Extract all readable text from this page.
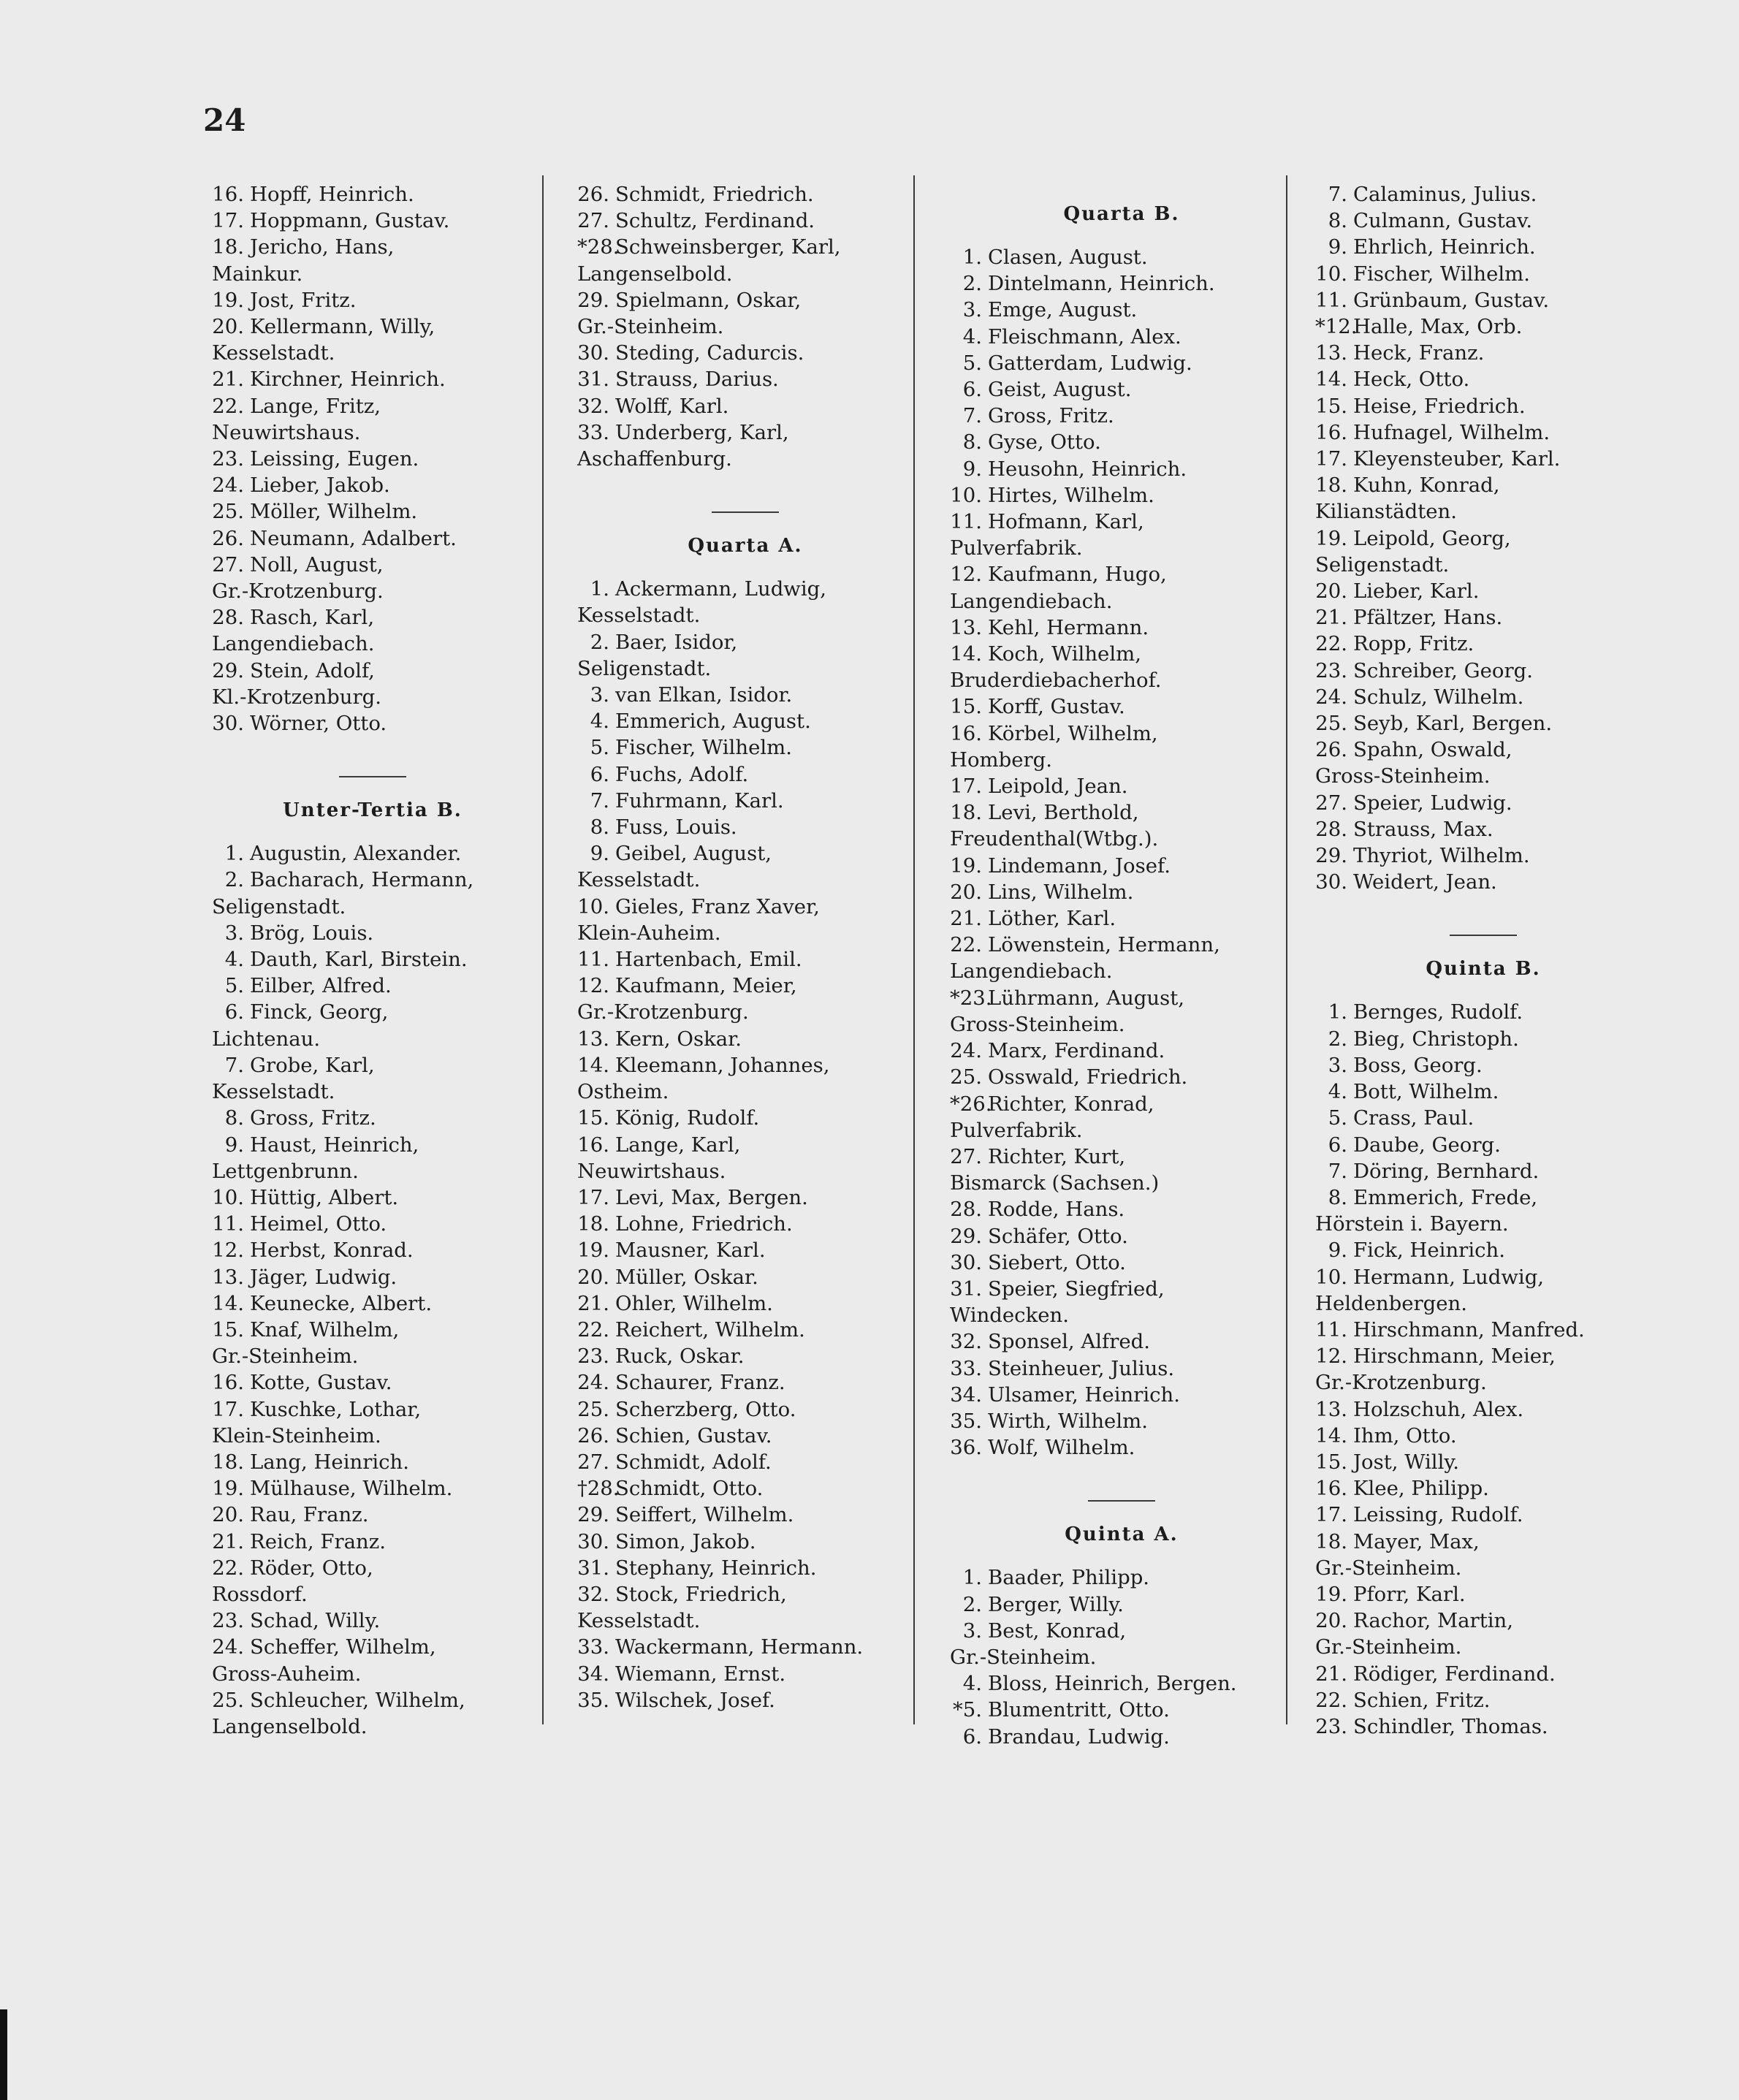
24
16. Hopff, Heinrich.
17. Hoppmann, Gustav.
18. Jericho, Hans,
Mainkur.
19. Jost, Fritz.
20. Kellermann, Willy,
Kesselstadt.
21. Kirchner, Heinrich.
22. Lange, Fritz,
Neuwirtshaus.
23. Leissing, Eugen.
24. Lieber, Jakob.
25. Möller, Wilhelm.
26. Neumann, Adalbert.
27. Noll, August,
Gr.-Krotzenburg.
28. Rasch, Karl,
Langendiebach.
29. Stein, Adolf,
Kl.-Krotzenburg.
30. Wörner, Otto.
Unter-Tertia B.
1. Augustin, Alexander.
2. Bacharach, Hermann,
Seligenstadt.
3. Brög, Louis.
4. Dauth, Karl, Birstein.
5. Eilber, Alfred.
6. Finck, Georg,
Lichtenau.
7. Grobe, Karl,
Kesselstadt.
8. Gross, Fritz.
9. Haust, Heinrich,
Lettgenbrunn.
10. Hüttig, Albert.
11. Heimel, Otto.
12. Herbst, Konrad.
13. Jäger, Ludwig.
14. Keunecke, Albert.
15. Knaf, Wilhelm,
Gr.-Steinheim.
16. Kotte, Gustav.
17. Kuschke, Lothar,
Klein-Steinheim.
18. Lang, Heinrich.
19. Mülhause, Wilhelm.
20. Rau, Franz.
21. Reich, Franz.
22. Röder, Otto,
Rossdorf.
23. Schad, Willy.
24. Scheffer, Wilhelm,
Gross-Auheim.
25. Schleucher, Wilhelm,
Langenselbold.
26. Schmidt, Friedrich.
27. Schultz, Ferdinand.
*28.Schweinsberger, Karl,
Langenselbold.
29. Spielmann, Oskar,
Gr.-Steinheim.
30. Steding, Cadurcis.
31. Strauss, Darius.
32. Wolff, Karl.
33. Underberg, Karl,
Aschaffenburg.
Quarta A.
1. Ackermann, Ludwig,
Kesselstadt.
2. Baer, Isidor,
Seligenstadt.
3. van Elkan, Isidor.
4. Emmerich, August.
5. Fischer, Wilhelm.
6. Fuchs, Adolf.
7. Fuhrmann, Karl.
8. Fuss, Louis.
9. Geibel, August,
Kesselstadt.
10. Gieles, Franz Xaver,
Klein-Auheim.
11. Hartenbach, Emil.
12. Kaufmann, Meier,
Gr.-Krotzenburg.
13. Kern, Oskar.
14. Kleemann, Johannes,
Ostheim.
15. König, Rudolf.
16. Lange, Karl,
Neuwirtshaus.
17. Levi, Max, Bergen.
18. Lohne, Friedrich.
19. Mausner, Karl.
20. Müller, Oskar.
21. Ohler, Wilhelm.
22. Reichert, Wilhelm.
23. Ruck, Oskar.
24. Schaurer, Franz.
25. Scherzberg, Otto.
26. Schien, Gustav.
27. Schmidt, Adolf.
†28.Schmidt, Otto.
29. Seiffert, Wilhelm.
30. Simon, Jakob.
31. Stephany, Heinrich.
32. Stock, Friedrich,
Kesselstadt.
33. Wackermann, Hermann.
34. Wiemann, Ernst.
35. Wilschek, Josef.
Quarta B.
1. Clasen, August.
2. Dintelmann, Heinrich.
3. Emge, August.
4. Fleischmann, Alex.
5. Gatterdam, Ludwig.
6. Geist, August.
7. Gross, Fritz.
8. Gyse, Otto.
9. Heusohn, Heinrich.
10. Hirtes, Wilhelm.
11. Hofmann, Karl,
Pulverfabrik.
12. Kaufmann, Hugo,
Langendiebach.
13. Kehl, Hermann.
14. Koch, Wilhelm,
Bruderdiebacherhof.
15. Korff, Gustav.
16. Körbel, Wilhelm,
Homberg.
17. Leipold, Jean.
18. Levi, Berthold,
Freudenthal(Wtbg.).
19. Lindemann, Josef.
20. Lins, Wilhelm.
21. Löther, Karl.
22. Löwenstein, Hermann,
Langendiebach.
*23.Lührmann, August,
Gross-Steinheim.
24. Marx, Ferdinand.
25. Osswald, Friedrich.
*26.Richter, Konrad,
Pulverfabrik.
27. Richter, Kurt,
Bismarck (Sachsen.)
28. Rodde, Hans.
29. Schäfer, Otto.
30. Siebert, Otto.
31. Speier, Siegfried,
Windecken.
32. Sponsel, Alfred.
33. Steinheuer, Julius.
34. Ulsamer, Heinrich.
35. Wirth, Wilhelm.
36. Wolf, Wilhelm.
Quinta A.
1. Baader, Philipp.
2. Berger, Willy.
3. Best, Konrad,
Gr.-Steinheim.
4. Bloss, Heinrich, Bergen.
*5. Blumentritt, Otto.
6. Brandau, Ludwig.
7. Calaminus, Julius.
8. Culmann, Gustav.
9. Ehrlich, Heinrich.
10. Fischer, Wilhelm.
11. Grünbaum, Gustav.
*12.Halle, Max, Orb.
13. Heck, Franz.
14. Heck, Otto.
15. Heise, Friedrich.
16. Hufnagel, Wilhelm.
17. Kleyensteuber, Karl.
18. Kuhn, Konrad,
Kilianstädten.
19. Leipold, Georg,
Seligenstadt.
20. Lieber, Karl.
21. Pfältzer, Hans.
22. Ropp, Fritz.
23. Schreiber, Georg.
24. Schulz, Wilhelm.
25. Seyb, Karl, Bergen.
26. Spahn, Oswald,
Gross-Steinheim.
27. Speier, Ludwig.
28. Strauss, Max.
29. Thyriot, Wilhelm.
30. Weidert, Jean.
Quinta B.
1. Bernges, Rudolf.
2. Bieg, Christoph.
3. Boss, Georg.
4. Bott, Wilhelm.
5. Crass, Paul.
6. Daube, Georg.
7. Döring, Bernhard.
8. Emmerich, Frede,
Hörstein i. Bayern.
9. Fick, Heinrich.
10. Hermann, Ludwig,
Heldenbergen.
11. Hirschmann, Manfred.
12. Hirschmann, Meier,
Gr.-Krotzenburg.
13. Holzschuh, Alex.
14. Ihm, Otto.
15. Jost, Willy.
16. Klee, Philipp.
17. Leissing, Rudolf.
18. Mayer, Max,
Gr.-Steinheim.
19. Pforr, Karl.
20. Rachor, Martin,
Gr.-Steinheim.
21. Rödiger, Ferdinand.
22. Schien, Fritz.
23. Schindler, Thomas.
